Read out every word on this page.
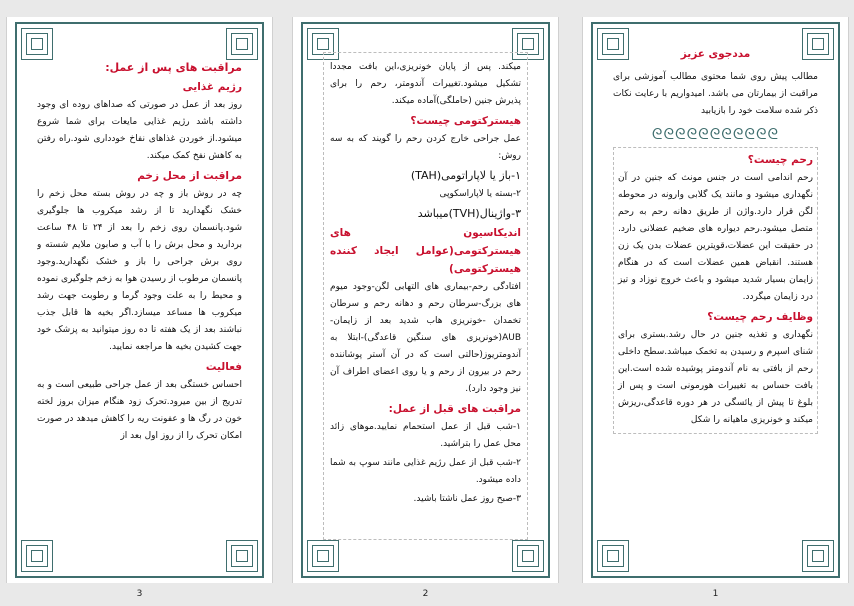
مراقبت های پس از عمل:
رژیم غذایی

روز بعد از عمل در صورتی که صداهای روده ای وجود داشته باشد رژیم غذایی مایعات برای شما شروع میشود.از خوردن غذاهای نفاخ خودداری شود.راه رفتن به کاهش نفخ کمک میکند.

مراقبت از محل زخم

چه در روش باز و چه در روش بسته محل زخم را خشک نگهدارید تا از رشد میکروب ها جلوگیری شود.پانسمان روی زخم را بعد از ۲۴ تا ۴۸ ساعت بردارید و محل برش را با آب و صابون ملایم شسته و روی برش جراحی را باز و خشک نگهدارید.وجود پانسمان مرطوب از رسیدن هوا به زخم جلوگیری نموده و محیط را به علت وجود گرما و رطوبت جهت رشد میکروب ها مساعد میسازد.اگر بخیه ها قابل جذب نباشند بعد از یک هفته تا ده روز میتوانید به پزشک خود جهت کشیدن بخیه ها مراجعه نمایید.

فعالیت

احساس خستگی بعد از عمل جراحی طبیعی است و به تدریج از بین میرود.تحرک زود هنگام میزان بروز لخته خون در رگ ها و عفونت ریه را کاهش میدهد در صورت امکان تحرک را از روز اول بعد از

3

میکند. پس از پایان خونریزی،این بافت مجددا تشکیل میشود.تغییرات آندومتر، رحم را برای پذیرش جنین (حاملگی)آماده میکند.

هیسترکتومی چیست؟

عمل جراحی خارج کردن رحم را گویند که به سه روش:

۱-باز یا لاپاراتومی(TAH)

۲-بسته یا لاپاراسکوپی

۳-واژینال(TVH)میباشد

اندیکاسیون های هیسترکتومی(عوامل ایجاد کننده هیسترکتومی)

افتادگی رحم-بیماری های التهابی لگن-وجود میوم های بزرگ-سرطان رحم و دهانه رحم و سرطان تخمدان -خونریزی هاب شدید بعد از زایمان-AUB(خونریزی های سنگین قاعدگی)-ابتلا به آندومتریوز(حالتی است که در آن آستر پوشاننده رحم در بیرون از رحم و یا روی اعضای اطراف آن نیز وجود دارد).

مراقبت های قبل از عمل:

۱-شب قبل از عمل استحمام نمایید.موهای زائد محل عمل را بتراشید.

۲-شب قبل از عمل رژیم غذایی مانند سوپ به شما داده میشود.

۳-صبح روز عمل ناشتا باشید.

2
مددجوی عزیز

مطالب پیش روی شما محتوی مطالب آموزشی برای مراقبت از بیمارتان می باشد. امیدواریم با رعایت نکات ذکر شده سلامت خود را بازیابید

ᘓᘓᘓᘓᘓᘓᘓᘓᘓᘓᘓ
رحم چیست؟

رحم اندامی است در جنس مونث که جنین در آن نگهداری میشود و مانند یک گلابی وارونه در محوطه لگن قرار دارد.واژن از طریق دهانه رحم به رحم متصل میشود.رحم دیواره های ضخیم عضلانی دارد. در حقیقت این عضلات،قویترین عضلات بدن یک زن هستند. انقباض همین عضلات است که در هنگام زایمان بسیار شدید میشود و باعث خروج نوزاد و تیز درد زایمان میگردد.

وظایف رحم چیست؟

نگهداری و تغذیه جنین در حال رشد.بستری برای شنای اسپرم و رسیدن به تخمک میباشد.سطح داخلی رحم از بافتی به نام آندومتر پوشیده شده است.این بافت حساس به تغییرات هورمونی است و پس از بلوغ تا پیش از یائسگی در هر دوره قاعدگی،ریزش میکند و خونریزی ماهیانه را شکل

1
